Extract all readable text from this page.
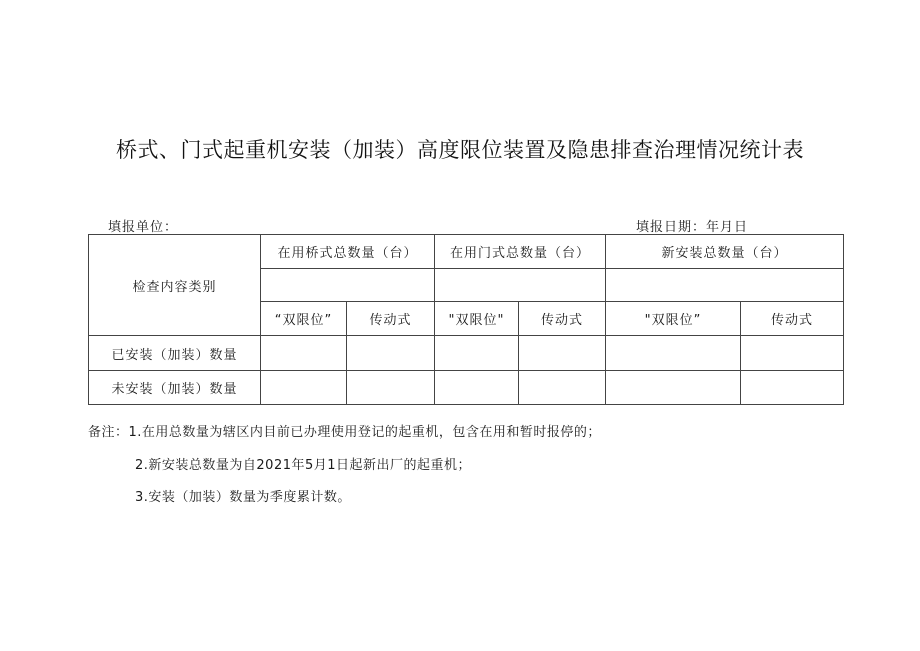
桥式、门式起重机安装（加装）高度限位装置及隐患排查治理情况统计表
填报单位：	填报日期：年月日
检查内容类别	在用桥式总数量（台）		在用门式总数量（台）		新安装总数量（台）	

	“双限位”	传动式	"双限位"	传动式	"双限位”	传动式
已安装（加装）数量						
未安装（加装）数量						
备注：1.在用总数量为辖区内目前已办理使用登记的起重机，包含在用和暂时报停的；
2.新安装总数量为自2021年5月1日起新出厂的起重机；
3.安装（加装）数量为季度累计数。
